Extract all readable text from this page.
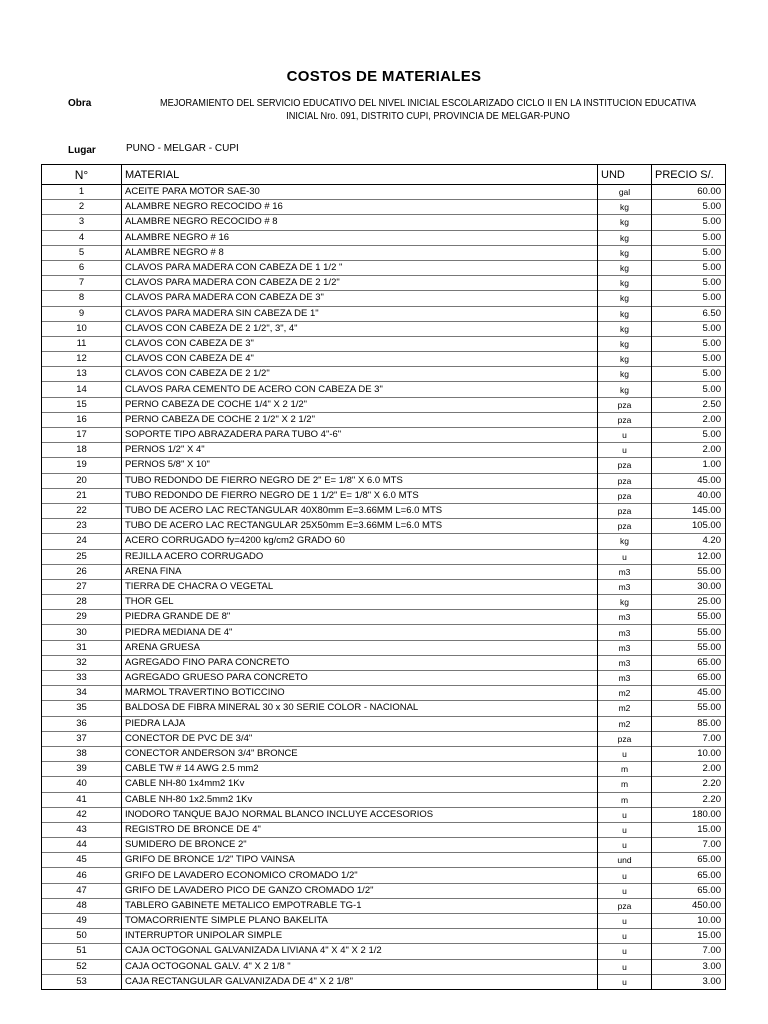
COSTOS DE MATERIALES
Obra	MEJORAMIENTO DEL SERVICIO EDUCATIVO DEL NIVEL INICIAL ESCOLARIZADO CICLO II EN LA INSTITUCION EDUCATIVA
INICIAL Nro. 091, DISTRITO CUPI, PROVINCIA DE MELGAR-PUNO
Lugar	PUNO - MELGAR - CUPI
N°	MATERIAL	UND	PRECIO S/.
1	ACEITE PARA MOTOR SAE-30	gal	60.00
2	ALAMBRE NEGRO RECOCIDO # 16	kg	5.00
3	ALAMBRE NEGRO RECOCIDO # 8	kg	5.00
4	ALAMBRE NEGRO # 16	kg	5.00
5	ALAMBRE NEGRO # 8	kg	5.00
6	CLAVOS PARA MADERA CON CABEZA DE 1 1/2 "	kg	5.00
7	CLAVOS PARA MADERA CON CABEZA DE 2 1/2"	kg	5.00
8	CLAVOS PARA MADERA CON CABEZA DE 3"	kg	5.00
9	CLAVOS PARA MADERA SIN CABEZA DE 1"	kg	6.50
10	CLAVOS CON CABEZA DE 2 1/2", 3", 4"	kg	5.00
11	CLAVOS CON CABEZA DE 3"	kg	5.00
12	CLAVOS CON CABEZA DE 4"	kg	5.00
13	CLAVOS CON CABEZA DE 2 1/2"	kg	5.00
14	CLAVOS PARA CEMENTO DE ACERO CON CABEZA DE 3"	kg	5.00
15	PERNO CABEZA DE COCHE 1/4" X 2 1/2"	pza	2.50
16	PERNO CABEZA DE COCHE 2 1/2" X 2 1/2"	pza	2.00
17	SOPORTE TIPO ABRAZADERA PARA TUBO 4"-6"	u	5.00
18	PERNOS 1/2" X 4"	u	2.00
19	PERNOS 5/8" X 10"	pza	1.00
20	TUBO REDONDO DE FIERRO NEGRO DE 2" E= 1/8" X 6.0 MTS	pza	45.00
21	TUBO REDONDO DE FIERRO NEGRO DE 1 1/2" E= 1/8" X 6.0 MTS	pza	40.00
22	TUBO DE ACERO LAC RECTANGULAR 40X80mm E=3.66MM L=6.0 MTS	pza	145.00
23	TUBO DE ACERO LAC RECTANGULAR 25X50mm E=3.66MM L=6.0 MTS	pza	105.00
24	ACERO CORRUGADO fy=4200 kg/cm2 GRADO 60	kg	4.20
25	REJILLA ACERO CORRUGADO	u	12.00
26	ARENA FINA	m3	55.00
27	TIERRA DE CHACRA O VEGETAL	m3	30.00
28	THOR GEL	kg	25.00
29	PIEDRA GRANDE DE 8"	m3	55.00
30	PIEDRA MEDIANA DE 4"	m3	55.00
31	ARENA GRUESA	m3	55.00
32	AGREGADO FINO PARA CONCRETO	m3	65.00
33	AGREGADO GRUESO PARA CONCRETO	m3	65.00
34	MARMOL TRAVERTINO BOTICCINO	m2	45.00
35	BALDOSA DE FIBRA MINERAL 30 x 30 SERIE COLOR - NACIONAL	m2	55.00
36	PIEDRA LAJA	m2	85.00
37	CONECTOR DE PVC DE 3/4"	pza	7.00
38	CONECTOR ANDERSON 3/4" BRONCE	u	10.00
39	CABLE TW # 14 AWG 2.5 mm2	m	2.00
40	CABLE NH-80 1x4mm2 1Kv	m	2.20
41	CABLE NH-80 1x2.5mm2 1Kv	m	2.20
42	INODORO TANQUE BAJO NORMAL BLANCO INCLUYE ACCESORIOS	u	180.00
43	REGISTRO DE BRONCE DE 4"	u	15.00
44	SUMIDERO DE BRONCE 2"	u	7.00
45	GRIFO DE BRONCE 1/2" TIPO VAINSA	und	65.00
46	GRIFO DE LAVADERO ECONOMICO CROMADO 1/2"	u	65.00
47	GRIFO DE LAVADERO PICO DE GANZO CROMADO 1/2"	u	65.00
48	TABLERO GABINETE METALICO EMPOTRABLE TG-1	pza	450.00
49	TOMACORRIENTE SIMPLE PLANO BAKELITA	u	10.00
50	INTERRUPTOR UNIPOLAR SIMPLE	u	15.00
51	CAJA OCTOGONAL GALVANIZADA LIVIANA 4" X 4" X 2 1/2	u	7.00
52	CAJA OCTOGONAL GALV. 4" X 2 1/8 "	u	3.00
53	CAJA RECTANGULAR GALVANIZADA DE 4" X 2 1/8"	u	3.00
